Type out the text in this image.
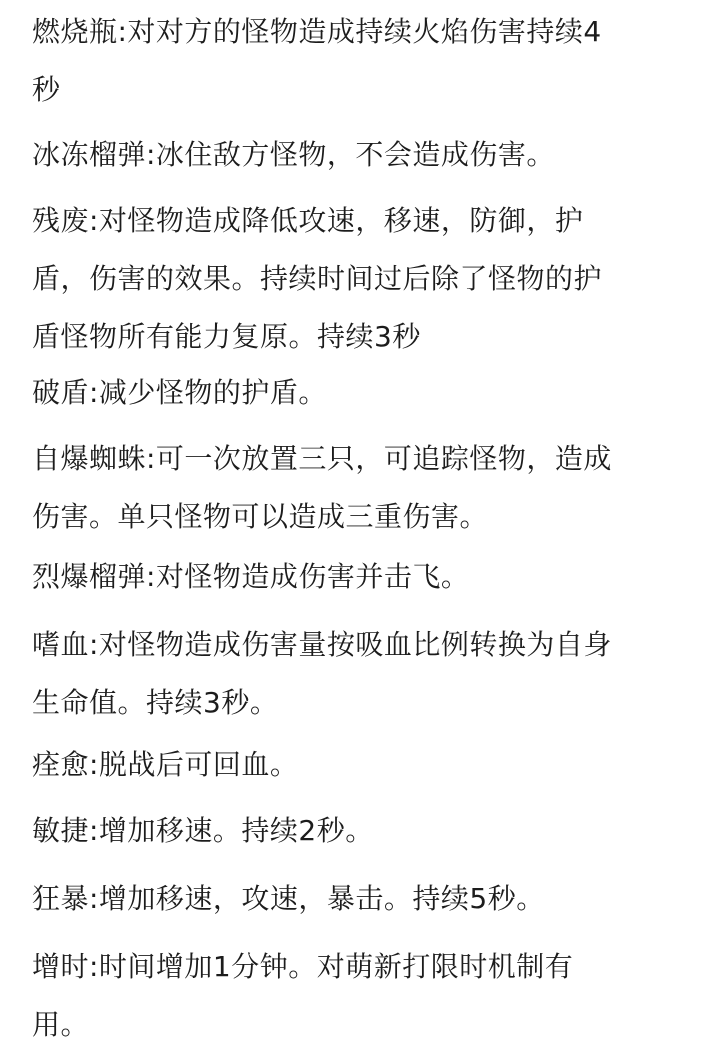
燃烧瓶:对对方的怪物造成持续火焰伤害持续4
秒

冰冻榴弹:冰住敌方怪物，不会造成伤害。

残废:对怪物造成降低攻速，移速，防御，护
盾，伤害的效果。持续时间过后除了怪物的护
盾怪物所有能力复原。持续3秒

破盾:减少怪物的护盾。

自爆蜘蛛:可一次放置三只，可追踪怪物，造成
伤害。单只怪物可以造成三重伤害。

烈爆榴弹:对怪物造成伤害并击飞。

嗜血:对怪物造成伤害量按吸血比例转换为自身
生命值。持续3秒。

痊愈:脱战后可回血。

敏捷:增加移速。持续2秒。

狂暴:增加移速，攻速，暴击。持续5秒。

增时:时间增加1分钟。对萌新打限时机制有
用。
